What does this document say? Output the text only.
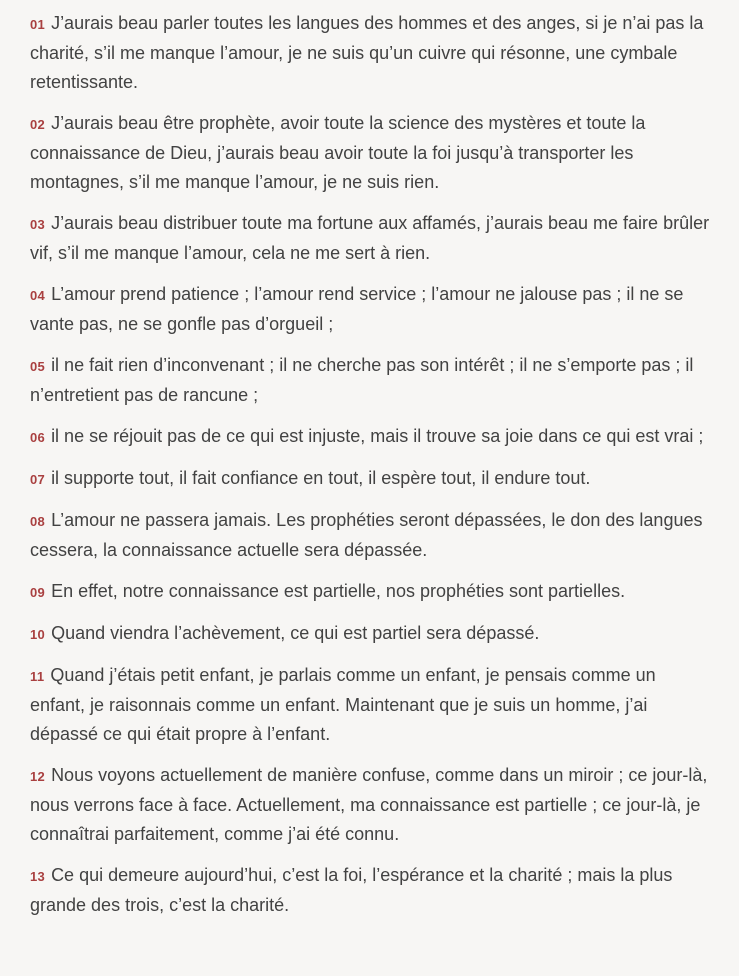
01 J’aurais beau parler toutes les langues des hommes et des anges, si je n’ai pas la charité, s’il me manque l’amour, je ne suis qu’un cuivre qui résonne, une cymbale retentissante.

02 J’aurais beau être prophète, avoir toute la science des mystères et toute la connaissance de Dieu, j’aurais beau avoir toute la foi jusqu’à transporter les montagnes, s’il me manque l’amour, je ne suis rien.

03 J’aurais beau distribuer toute ma fortune aux affamés, j’aurais beau me faire brûler vif, s’il me manque l’amour, cela ne me sert à rien.

04 L’amour prend patience ; l’amour rend service ; l’amour ne jalouse pas ; il ne se vante pas, ne se gonfle pas d’orgueil ;

05 il ne fait rien d’inconvenant ; il ne cherche pas son intérêt ; il ne s’emporte pas ; il n’entretient pas de rancune ;

06 il ne se réjouit pas de ce qui est injuste, mais il trouve sa joie dans ce qui est vrai ;

07 il supporte tout, il fait confiance en tout, il espère tout, il endure tout.

08 L’amour ne passera jamais. Les prophéties seront dépassées, le don des langues cessera, la connaissance actuelle sera dépassée.

09 En effet, notre connaissance est partielle, nos prophéties sont partielles.

10 Quand viendra l’achèvement, ce qui est partiel sera dépassé.

11 Quand j’étais petit enfant, je parlais comme un enfant, je pensais comme un enfant, je raisonnais comme un enfant. Maintenant que je suis un homme, j’ai dépassé ce qui était propre à l’enfant.

12 Nous voyons actuellement de manière confuse, comme dans un miroir ; ce jour-là, nous verrons face à face. Actuellement, ma connaissance est partielle ; ce jour-là, je connaîtrai parfaitement, comme j’ai été connu.

13 Ce qui demeure aujourd’hui, c’est la foi, l’espérance et la charité ; mais la plus grande des trois, c’est la charité.
